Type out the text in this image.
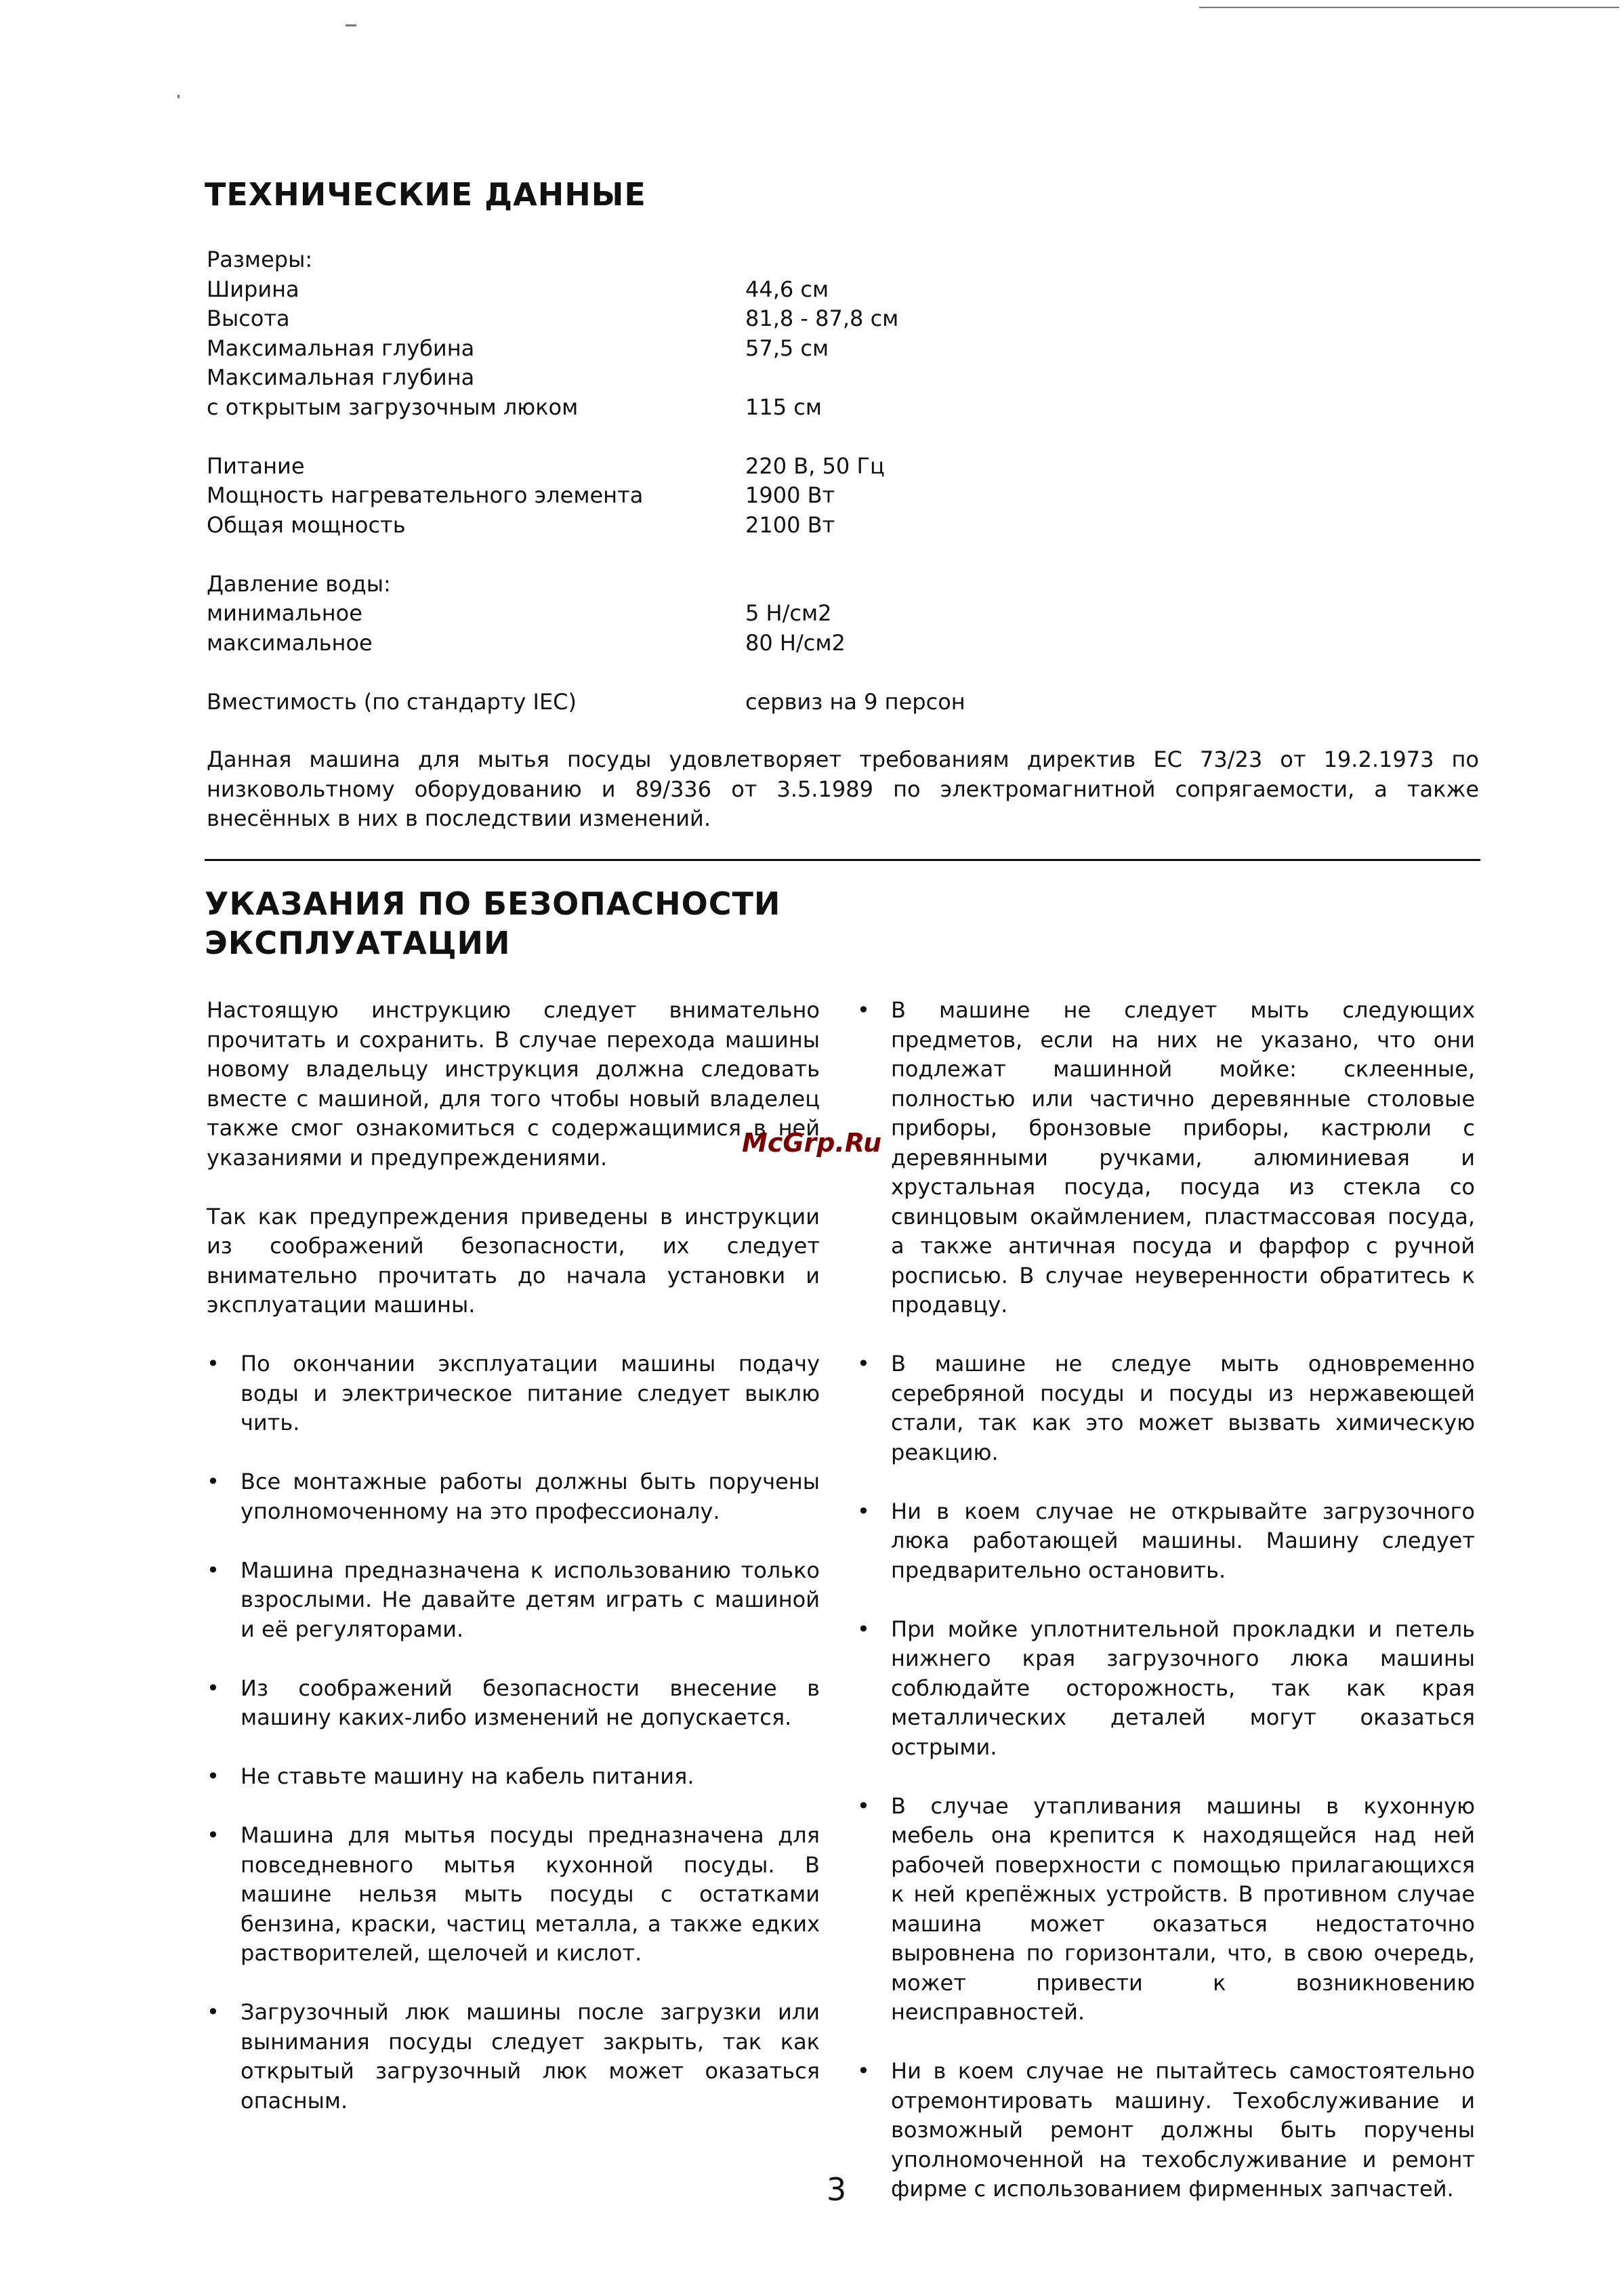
ТЕХНИЧЕСКИЕ ДАННЫЕ
Размеры:
Ширина	44,6 см
Высота	81,8 - 87,8 см
Максимальная глубина	57,5 см
Максимальная глубина
с открытым загрузочным люком	115 см
Питание	220 В, 50 Гц
Мощность нагревательного элемента	1900 Вт
Общая мощность	2100 Вт
Давление воды:
минимальное	5 Н/см2
максимальное	80 Н/см2
Вместимость (по стандарту IEC)	сервиз на 9 персон

Данная машина для мытья посуды удовлетворяет требованиям директив ЕС 73/23 от 19.2.1973 по низковольтному оборудованию и 89/336 от 3.5.1989 по электромагнитной сопрягаемости, а также внесённых в них в последствии изменений.

УКАЗАНИЯ ПО БЕЗОПАСНОСТИ
ЭКСПЛУАТАЦИИ

Настоящую инструкцию следует внимательно прочитать и сохранить. В случае перехода машины новому владельцу инструкция должна следовать вместе с машиной, для того чтобы новый владелец также смог ознакомиться с содержащимися в ней указаниями и предупреждениями.

Так как предупреждения приведены в инструкции из соображений безопасности, их следует внимательно прочитать до начала установки и эксплуатации машины.

• По окончании эксплуатации машины подачу воды и электрическое питание следует выклю чить.

• Все монтажные работы должны быть поручены уполномоченному на это профессионалу.

• Машина предназначена к использованию только взрослыми. Не давайте детям играть с машиной и её регуляторами.

• Из соображений безопасности внесение в машину каких-либо изменений не допускается.

• Не ставьте машину на кабель питания.

• Машина для мытья посуды предназначена для повседневного мытья кухонной посуды. В машине нельзя мыть посуды с остатками бензина, краски, частиц металла, а также едких растворителей, щелочей и кислот.

• Загрузочный люк машины после загрузки или вынимания посуды следует закрыть, так как открытый загрузочный люк может оказаться опасным.

• В машине не следует мыть следующих предметов, если на них не указано, что они подлежат машинной мойке: склеенные, полностью или частично деревянные столовые приборы, бронзовые приборы, кастрюли с деревянными ручками, алюминиевая и хрустальная посуда, посуда из стекла со свинцовым окаймлением, пластмассовая посуда, а также античная посуда и фарфор с ручной росписью. В случае неуверенности обратитесь к продавцу.

• В машине не следуе мыть одновременно серебряной посуды и посуды из нержавеющей стали, так как это может вызвать химическую реакцию.

• Ни в коем случае не открывайте загрузочного люка работающей машины. Машину следует предварительно остановить.

• При мойке уплотнительной прокладки и петель нижнего края загрузочного люка машины соблюдайте осторожность, так как края металлических деталей могут оказаться острыми.

• В случае утапливания машины в кухонную мебель она крепится к находящейся над ней рабочей поверхности с помощью прилагающихся к ней крепёжных устройств. В противном случае машина может оказаться недостаточно выровнена по горизонтали, что, в свою очередь, может привести к возникновению неисправностей.

• Ни в коем случае не пытайтесь самостоятельно отремонтировать машину. Техобслуживание и возможный ремонт должны быть поручены уполномоченной на техобслуживание и ремонт фирме с использованием фирменных запчастей.

McGrp.Ru
3
